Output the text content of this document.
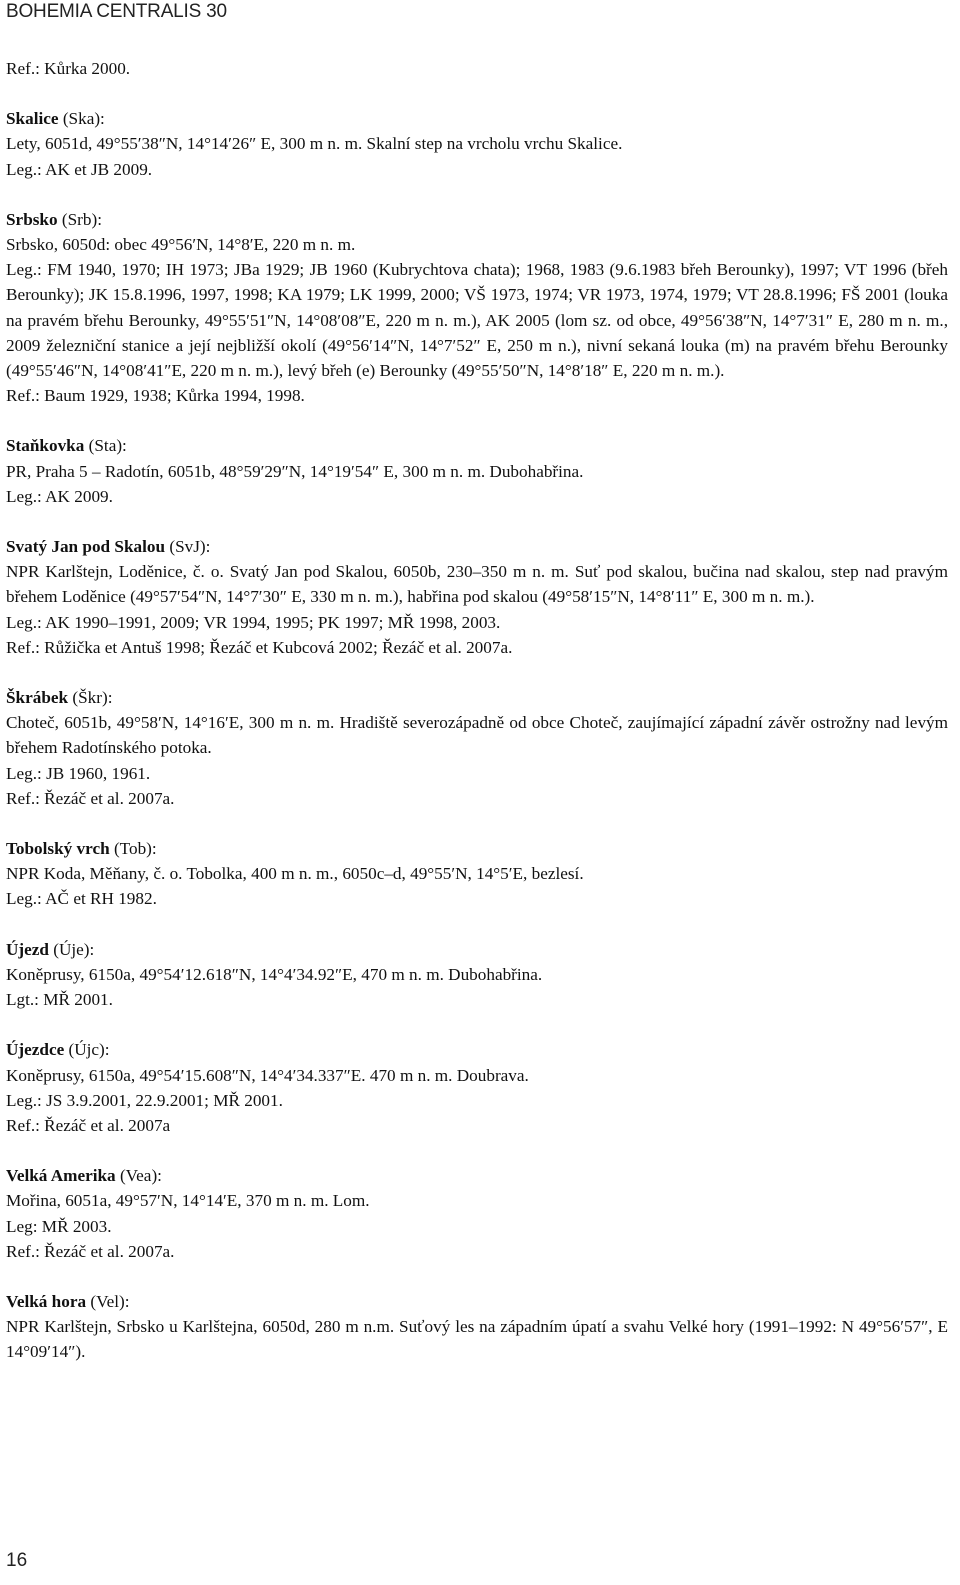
BOHEMIA CENTRALIS 30

Ref.: Kůrka 2000.

Skalice (Ska):

Lety, 6051d, 49°55′38″N, 14°14′26″ E, 300 m n. m. Skalní step na vrcholu vrchu Skalice.

Leg.: AK et JB 2009.

Srbsko (Srb):

Srbsko, 6050d: obec 49°56′N, 14°8′E, 220 m n. m.

Leg.: FM 1940, 1970; IH 1973; JBa 1929; JB 1960 (Kubrychtova chata); 1968, 1983 (9.6.1983 břeh Berounky), 1997; VT 1996 (břeh Berounky); JK 15.8.1996, 1997, 1998; KA 1979; LK 1999, 2000; VŠ 1973, 1974; VR 1973, 1974, 1979; VT 28.8.1996; FŠ 2001 (louka na pravém břehu Berounky, 49°55′51″N, 14°08′08″E, 220 m n. m.), AK 2005 (lom sz. od obce, 49°56′38″N, 14°7′31″ E, 280 m n. m., 2009 železniční stanice a její nejbližší okolí (49°56′14″N, 14°7′52″ E, 250 m n.), nivní sekaná louka (m) na pravém břehu Berounky (49°55′46″N, 14°08′41″E, 220 m n. m.), levý břeh (e) Berounky (49°55′50″N, 14°8′18″ E, 220 m n. m.).

Ref.: Baum 1929, 1938; Kůrka 1994, 1998.

Staňkovka (Sta):

PR, Praha 5 – Radotín, 6051b, 48°59′29″N, 14°19′54″ E, 300 m n. m. Dubohabřina.

Leg.: AK 2009.

Svatý Jan pod Skalou (SvJ):

NPR Karlštejn, Loděnice, č. o. Svatý Jan pod Skalou, 6050b, 230–350 m n. m. Suť pod skalou, bučina nad skalou, step nad pravým břehem Loděnice (49°57′54″N, 14°7′30″ E, 330 m n. m.), habřina pod skalou (49°58′15″N, 14°8′11″ E, 300 m n. m.).

Leg.: AK 1990–1991, 2009; VR 1994, 1995; PK 1997; MŘ 1998, 2003.

Ref.: Růžička et Antuš 1998; Řezáč et Kubcová 2002; Řezáč et al. 2007a.

Škrábek (Škr):

Choteč, 6051b, 49°58′N, 14°16′E, 300 m n. m. Hradiště severozápadně od obce Choteč, zaujímající západní závěr ostrožny nad levým břehem Radotínského potoka.

Leg.: JB 1960, 1961.

Ref.: Řezáč et al. 2007a.

Tobolský vrch (Tob):

NPR Koda, Měňany, č. o. Tobolka, 400 m n. m., 6050c–d, 49°55′N, 14°5′E, bezlesí.

Leg.: AČ et RH 1982.

Újezd (Úje):

Koněprusy, 6150a, 49°54′12.618″N, 14°4′34.92″E, 470 m n. m. Dubohabřina.

Lgt.: MŘ 2001.

Újezdce (Újc):

Koněprusy, 6150a, 49°54′15.608″N, 14°4′34.337″E. 470 m n. m. Doubrava.

Leg.: JS 3.9.2001, 22.9.2001; MŘ 2001.

Ref.: Řezáč et al. 2007a

Velká Amerika (Vea):

Mořina, 6051a, 49°57′N, 14°14′E, 370 m n. m. Lom.

Leg: MŘ 2003.

Ref.: Řezáč et al. 2007a.

Velká hora (Vel):

NPR Karlštejn, Srbsko u Karlštejna, 6050d, 280 m n.m. Suťový les na západním úpatí a svahu Velké hory (1991–1992: N 49°56′57″, E 14°09′14″).

16
